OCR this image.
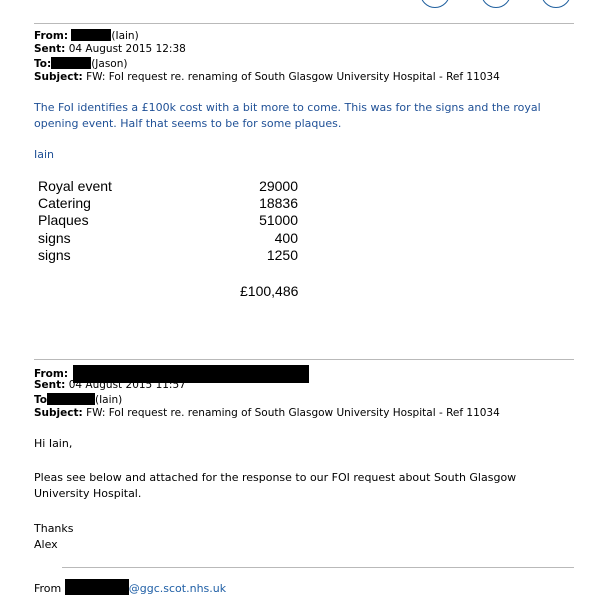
From:	(Iain)
Sent: 04 August 2015 12:38
To:	(Jason)
Subject: FW: FoI request re. renaming of South Glasgow University Hospital - Ref 11034
The FoI identifies a £100k cost with a bit more to come. This was for the signs and the royal opening event. Half that seems to be for some plaques.
Iain
Royal event	29000
Catering	18836
Plaques	51000
signs	400
signs	1250
£100,486
From:
Sent: 04 August 2015 11:57
To	(Iain)
Subject: FW: FoI request re. renaming of South Glasgow University Hospital - Ref 11034
Hi Iain,
Pleas see below and attached for the response to our FOI request about South Glasgow University Hospital.
Thanks
Alex
From	@ggc.scot.nhs.uk
